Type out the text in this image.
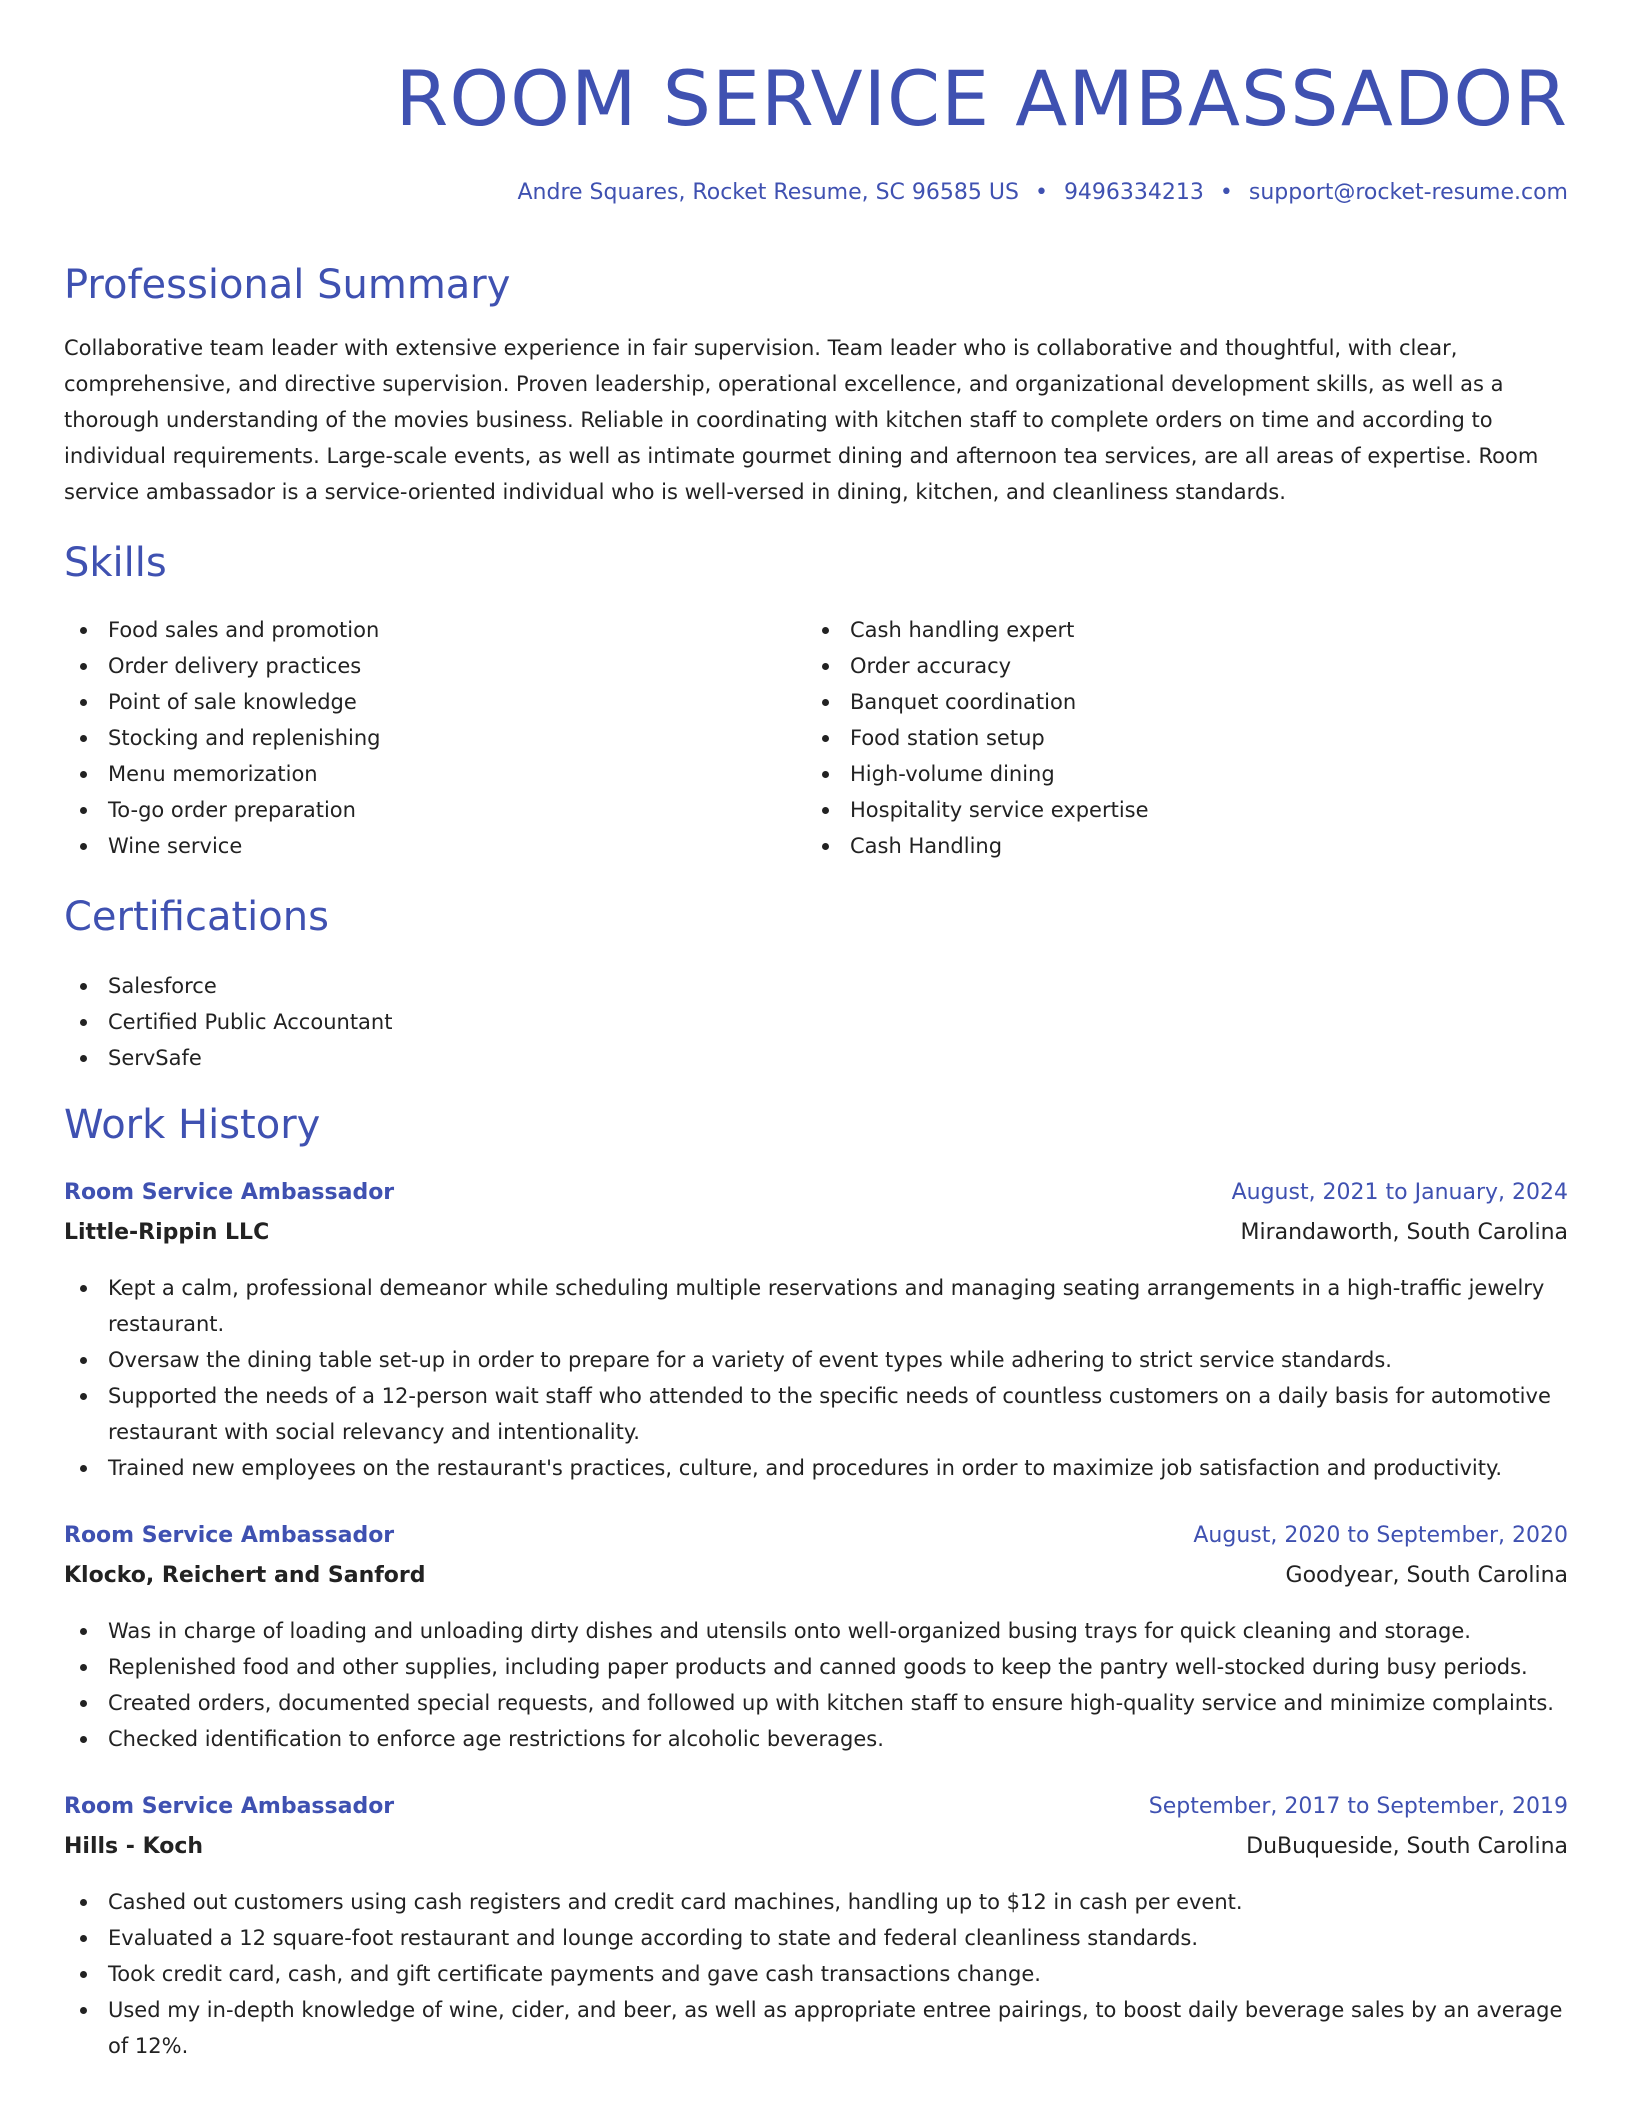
ROOM SERVICE AMBASSADOR
Andre Squares, Rocket Resume, SC 96585 US • 9496334213 • support@rocket-resume.com
Professional Summary

Collaborative team leader with extensive experience in fair supervision. Team leader who is collaborative and thoughtful, with clear, comprehensive, and directive supervision. Proven leadership, operational excellence, and organizational development skills, as well as a thorough understanding of the movies business. Reliable in coordinating with kitchen staff to complete orders on time and according to individual requirements. Large-scale events, as well as intimate gourmet dining and afternoon tea services, are all areas of expertise. Room service ambassador is a service-oriented individual who is well-versed in dining, kitchen, and cleanliness standards.

Skills
Food sales and promotion
Order delivery practices
Point of sale knowledge
Stocking and replenishing
Menu memorization
To-go order preparation
Wine service
Cash handling expert
Order accuracy
Banquet coordination
Food station setup
High-volume dining
Hospitality service expertise
Cash Handling
Certifications
Salesforce
Certified Public Accountant
ServSafe
Work History
Room Service Ambassador	August, 2021 to January, 2024
Little-Rippin LLC	Mirandaworth, South Carolina
Kept a calm, professional demeanor while scheduling multiple reservations and managing seating arrangements in a high-traffic jewelry restaurant.
Oversaw the dining table set-up in order to prepare for a variety of event types while adhering to strict service standards.
Supported the needs of a 12-person wait staff who attended to the specific needs of countless customers on a daily basis for automotive restaurant with social relevancy and intentionality.
Trained new employees on the restaurant's practices, culture, and procedures in order to maximize job satisfaction and productivity.
Room Service Ambassador	August, 2020 to September, 2020
Klocko, Reichert and Sanford	Goodyear, South Carolina
Was in charge of loading and unloading dirty dishes and utensils onto well-organized busing trays for quick cleaning and storage.
Replenished food and other supplies, including paper products and canned goods to keep the pantry well-stocked during busy periods.
Created orders, documented special requests, and followed up with kitchen staff to ensure high-quality service and minimize complaints.
Checked identification to enforce age restrictions for alcoholic beverages.
Room Service Ambassador	September, 2017 to September, 2019
Hills - Koch	DuBuqueside, South Carolina
Cashed out customers using cash registers and credit card machines, handling up to $12 in cash per event.
Evaluated a 12 square-foot restaurant and lounge according to state and federal cleanliness standards.
Took credit card, cash, and gift certificate payments and gave cash transactions change.
Used my in-depth knowledge of wine, cider, and beer, as well as appropriate entree pairings, to boost daily beverage sales by an average of 12%.
